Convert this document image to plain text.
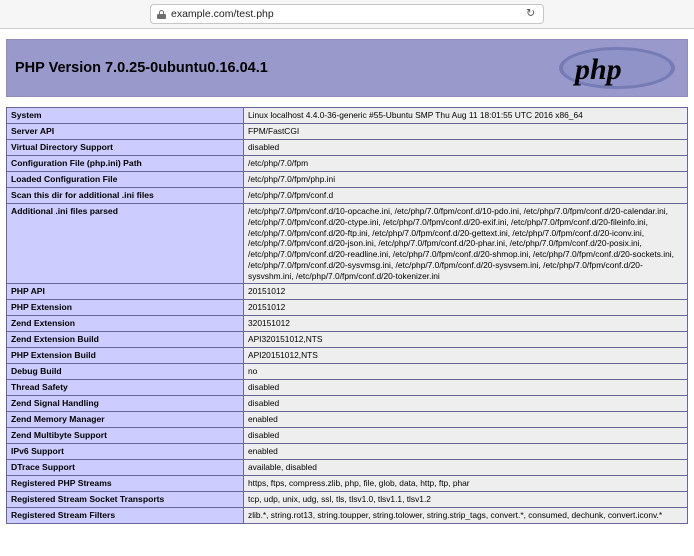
example.com/test.php	↻
PHP Version 7.0.25-0ubuntu0.16.04.1	php
System	Linux localhost 4.4.0-36-generic #55-Ubuntu SMP Thu Aug 11 18:01:55 UTC 2016 x86_64
Server API	FPM/FastCGI
Virtual Directory Support	disabled
Configuration File (php.ini) Path	/etc/php/7.0/fpm
Loaded Configuration File	/etc/php/7.0/fpm/php.ini
Scan this dir for additional .ini files	/etc/php/7.0/fpm/conf.d
Additional .ini files parsed	/etc/php/7.0/fpm/conf.d/10-opcache.ini, /etc/php/7.0/fpm/conf.d/10-pdo.ini, /etc/php/7.0/fpm/conf.d/20-calendar.ini, /etc/php/7.0/fpm/conf.d/20-ctype.ini, /etc/php/7.0/fpm/conf.d/20-exif.ini, /etc/php/7.0/fpm/conf.d/20-fileinfo.ini, /etc/php/7.0/fpm/conf.d/20-ftp.ini, /etc/php/7.0/fpm/conf.d/20-gettext.ini, /etc/php/7.0/fpm/conf.d/20-iconv.ini, /etc/php/7.0/fpm/conf.d/20-json.ini, /etc/php/7.0/fpm/conf.d/20-phar.ini, /etc/php/7.0/fpm/conf.d/20-posix.ini, /etc/php/7.0/fpm/conf.d/20-readline.ini, /etc/php/7.0/fpm/conf.d/20-shmop.ini, /etc/php/7.0/fpm/conf.d/20-sockets.ini, /etc/php/7.0/fpm/conf.d/20-sysvmsg.ini, /etc/php/7.0/fpm/conf.d/20-sysvsem.ini, /etc/php/7.0/fpm/conf.d/20-sysvshm.ini, /etc/php/7.0/fpm/conf.d/20-tokenizer.ini
PHP API	20151012
PHP Extension	20151012
Zend Extension	320151012
Zend Extension Build	API320151012,NTS
PHP Extension Build	API20151012,NTS
Debug Build	no
Thread Safety	disabled
Zend Signal Handling	disabled
Zend Memory Manager	enabled
Zend Multibyte Support	disabled
IPv6 Support	enabled
DTrace Support	available, disabled
Registered PHP Streams	https, ftps, compress.zlib, php, file, glob, data, http, ftp, phar
Registered Stream Socket Transports	tcp, udp, unix, udg, ssl, tls, tlsv1.0, tlsv1.1, tlsv1.2
Registered Stream Filters	zlib.*, string.rot13, string.toupper, string.tolower, string.strip_tags, convert.*, consumed, dechunk, convert.iconv.*
